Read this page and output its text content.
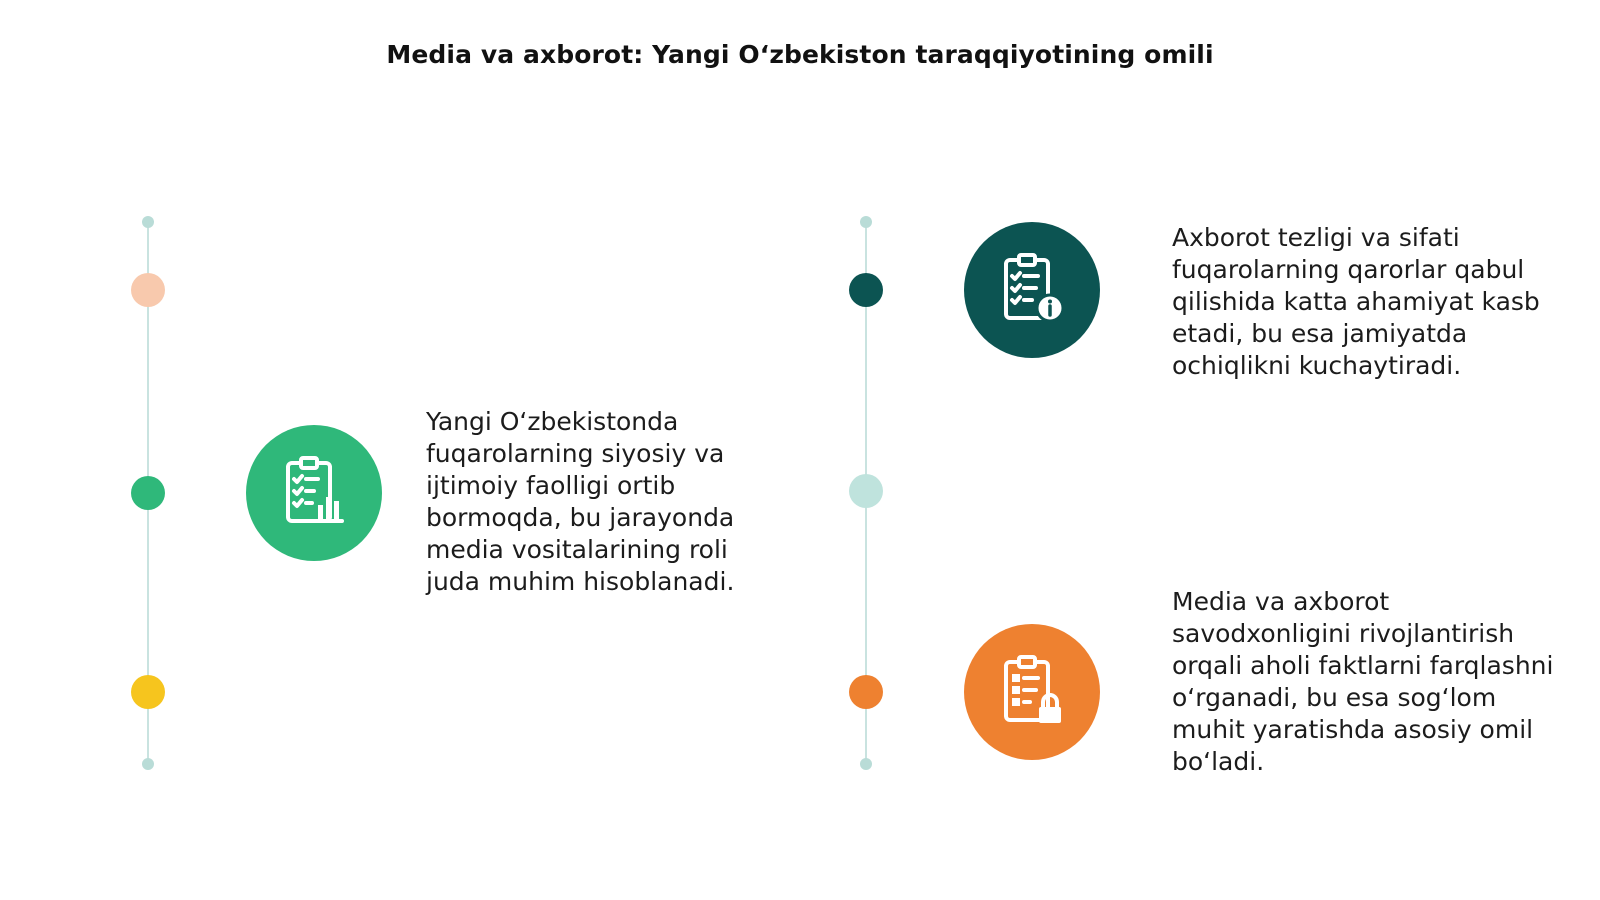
Media va axborot: Yangi O‘zbekiston taraqqiyotining omili

Yangi O‘zbekistonda fuqarolarning siyosiy va ijtimoiy faolligi ortib bormoqda, bu jarayonda media vositalarining roli juda muhim hisoblanadi.

Axborot tezligi va sifati fuqarolarning qarorlar qabul qilishida katta ahamiyat kasb etadi, bu esa jamiyatda ochiqlikni kuchaytiradi.

Media va axborot savodxonligini rivojlantirish orqali aholi faktlarni farqlashni o‘rganadi, bu esa sog‘lom muhit yaratishda asosiy omil bo‘ladi.
